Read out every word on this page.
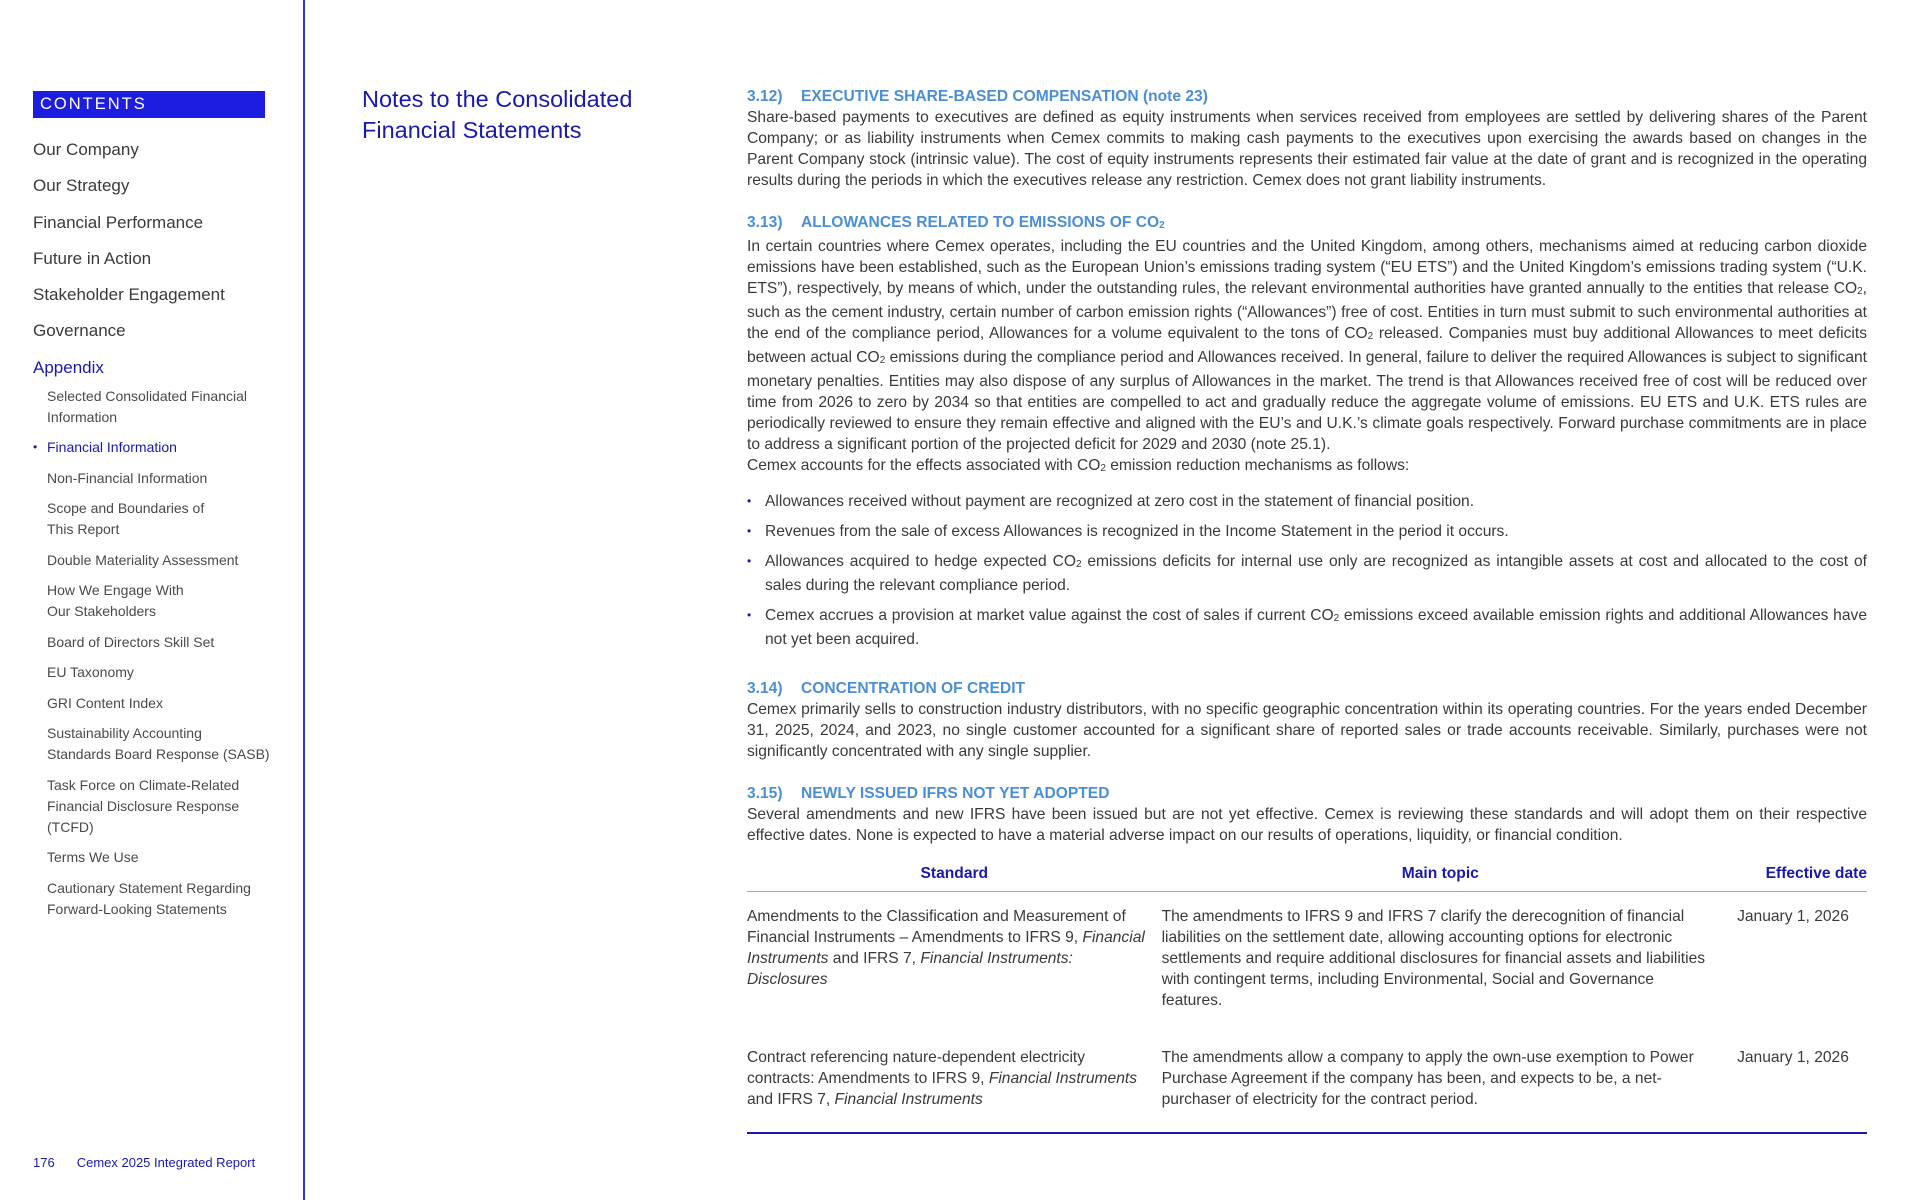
CONTENTS
Our Company
Our Strategy
Financial Performance
Future in Action
Stakeholder Engagement
Governance
Appendix
Selected Consolidated Financial
Information
• Financial Information
Non-Financial Information
Scope and Boundaries of
This Report
Double Materiality Assessment
How We Engage With
Our Stakeholders
Board of Directors Skill Set
EU Taxonomy
GRI Content Index
Sustainability Accounting
Standards Board Response (SASB)
Task Force on Climate-Related
Financial Disclosure Response
(TCFD)
Terms We Use
Cautionary Statement Regarding
Forward-Looking Statements
176 Cemex 2025 Integrated Report
Notes to the Consolidated Financial Statements
3.12) EXECUTIVE SHARE-BASED COMPENSATION (note 23)

Share-based payments to executives are defined as equity instruments when services received from employees are settled by delivering shares of the Parent Company; or as liability instruments when Cemex commits to making cash payments to the executives upon exercising the awards based on changes in the Parent Company stock (intrinsic value). The cost of equity instruments represents their estimated fair value at the date of grant and is recognized in the operating results during the periods in which the executives release any restriction. Cemex does not grant liability instruments.

3.13) ALLOWANCES RELATED TO EMISSIONS OF $CO_2$

In certain countries where Cemex operates, including the EU countries and the United Kingdom, among others, mechanisms aimed at reducing carbon dioxide emissions have been established, such as the European Union’s emissions trading system (“EU ETS”) and the United Kingdom’s emissions trading system (“U.K. ETS”), respectively, by means of which, under the outstanding rules, the relevant environmental authorities have granted annually to the entities that release $CO_2$, such as the cement industry, certain number of carbon emission rights (“Allowances”) free of cost. Entities in turn must submit to such environmental authorities at the end of the compliance period, Allowances for a volume equivalent to the tons of $CO_2$ released. Companies must buy additional Allowances to meet deficits between actual $CO_2$ emissions during the compliance period and Allowances received. In general, failure to deliver the required Allowances is subject to significant monetary penalties. Entities may also dispose of any surplus of Allowances in the market. The trend is that Allowances received free of cost will be reduced over time from 2026 to zero by 2034 so that entities are compelled to act and gradually reduce the aggregate volume of emissions. EU ETS and U.K. ETS rules are periodically reviewed to ensure they remain effective and aligned with the EU’s and U.K.’s climate goals respectively. Forward purchase commitments are in place to address a significant portion of the projected deficit for 2029 and 2030 (note 25.1).

Cemex accounts for the effects associated with $CO_2$ emission reduction mechanisms as follows:

• Allowances received without payment are recognized at zero cost in the statement of financial position.
• Revenues from the sale of excess Allowances is recognized in the Income Statement in the period it occurs.
• Allowances acquired to hedge expected $CO_2$ emissions deficits for internal use only are recognized as intangible assets at cost and allocated to the cost of sales during the relevant compliance period.
• Cemex accrues a provision at market value against the cost of sales if current $CO_2$ emissions exceed available emission rights and additional Allowances have not yet been acquired.
3.14) CONCENTRATION OF CREDIT

Cemex primarily sells to construction industry distributors, with no specific geographic concentration within its operating countries. For the years ended December 31, 2025, 2024, and 2023, no single customer accounted for a significant share of reported sales or trade accounts receivable. Similarly, purchases were not significantly concentrated with any single supplier.

3.15) NEWLY ISSUED IFRS NOT YET ADOPTED

Several amendments and new IFRS have been issued but are not yet effective. Cemex is reviewing these standards and will adopt them on their respective effective dates. None is expected to have a material adverse impact on our results of operations, liquidity, or financial condition.

Standard	Main topic	Effective date
Amendments to the Classification and Measurement of Financial Instruments – Amendments to IFRS 9, Financial Instruments and IFRS 7, Financial Instruments: Disclosures	The amendments to IFRS 9 and IFRS 7 clarify the derecognition of financial liabilities on the settlement date, allowing accounting options for electronic settlements and require additional disclosures for financial assets and liabilities with contingent terms, including Environmental, Social and Governance features.	January 1, 2026
Contract referencing nature-dependent electricity contracts: Amendments to IFRS 9, Financial Instruments and IFRS 7, Financial Instruments	The amendments allow a company to apply the own-use exemption to Power Purchase Agreement if the company has been, and expects to be, a net-purchaser of electricity for the contract period.	January 1, 2026
